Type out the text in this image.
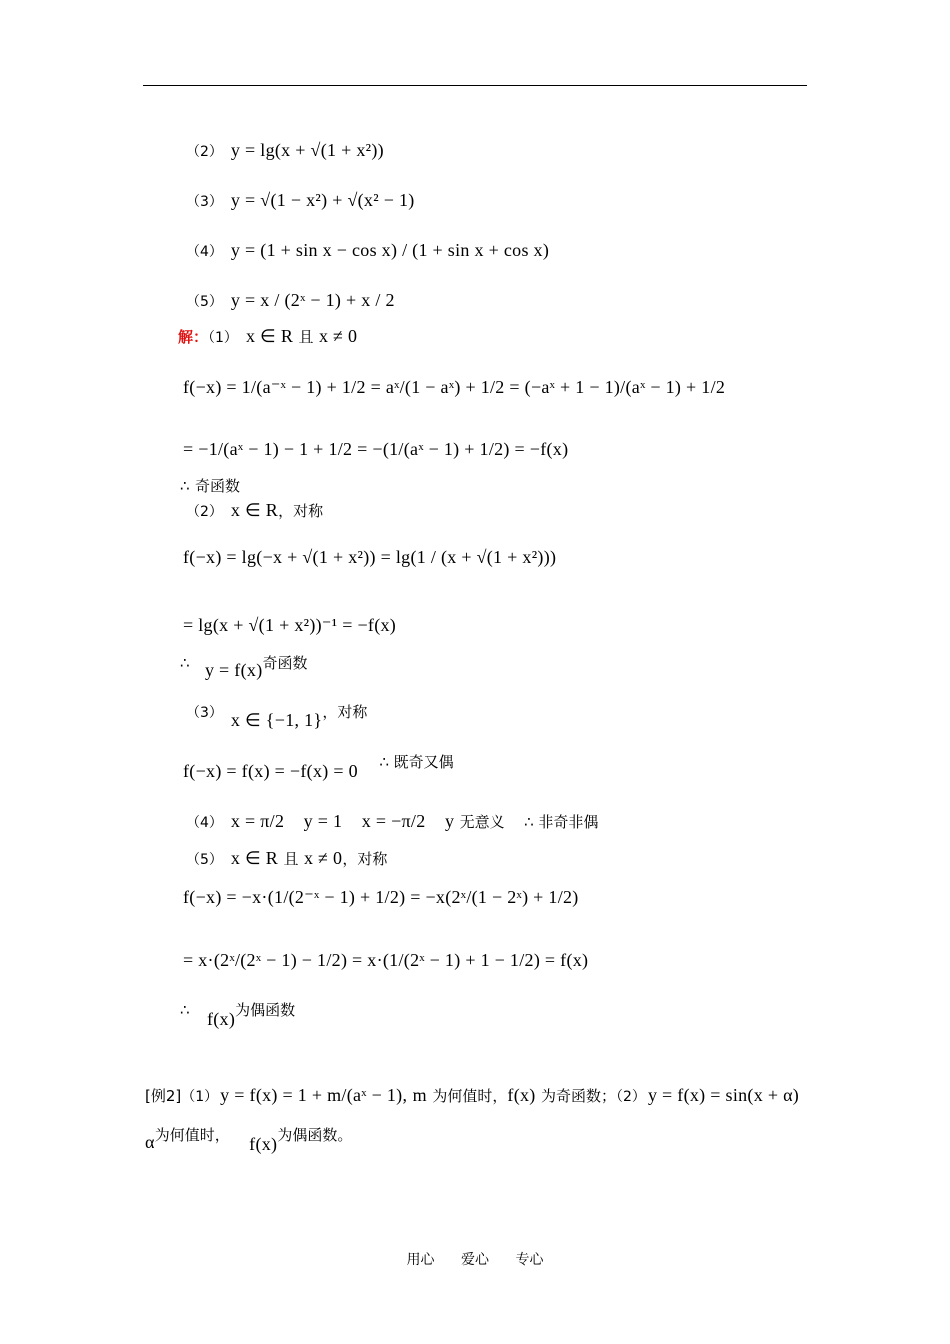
（2） y = lg(x + √(1 + x²))
（3） y = √(1 − x²) + √(x² − 1)
（4） y = (1 + sin x − cos x) / (1 + sin x + cos x)
（5） y = x / (2ˣ − 1) + x / 2
解：（1） x ∈ R 且 x ≠ 0
f(−x) = 1/(a⁻ˣ − 1) + 1/2 = aˣ/(1 − aˣ) + 1/2 = (−aˣ + 1 − 1)/(aˣ − 1) + 1/2
= −1/(aˣ − 1) − 1 + 1/2 = −(1/(aˣ − 1) + 1/2) = −f(x)
∴ 奇函数
（2） x ∈ R，对称
f(−x) = lg(−x + √(1 + x²)) = lg(1 / (x + √(1 + x²)))
= lg(x + √(1 + x²))⁻¹ = −f(x)
∴ y = f(x)奇函数
（3） x ∈ {−1, 1}，对称
f(−x) = f(x) = −f(x) = 0 ∴ 既奇又偶
（4） x = π/2 y = 1 x = −π/2 y 无意义 ∴ 非奇非偶
（5） x ∈ R 且 x ≠ 0，对称
f(−x) = −x·(1/(2⁻ˣ − 1) + 1/2) = −x(2ˣ/(1 − 2ˣ) + 1/2)
= x·(2ˣ/(2ˣ − 1) − 1/2) = x·(1/(2ˣ − 1) + 1 − 1/2) = f(x)
∴ f(x)为偶函数
[例2]（1） y = f(x) = 1 + m/(aˣ − 1), m 为何值时，f(x) 为奇函数；（2） y = f(x) = sin(x + α)
α为何值时， f(x)为偶函数。
用心 爱心 专心
